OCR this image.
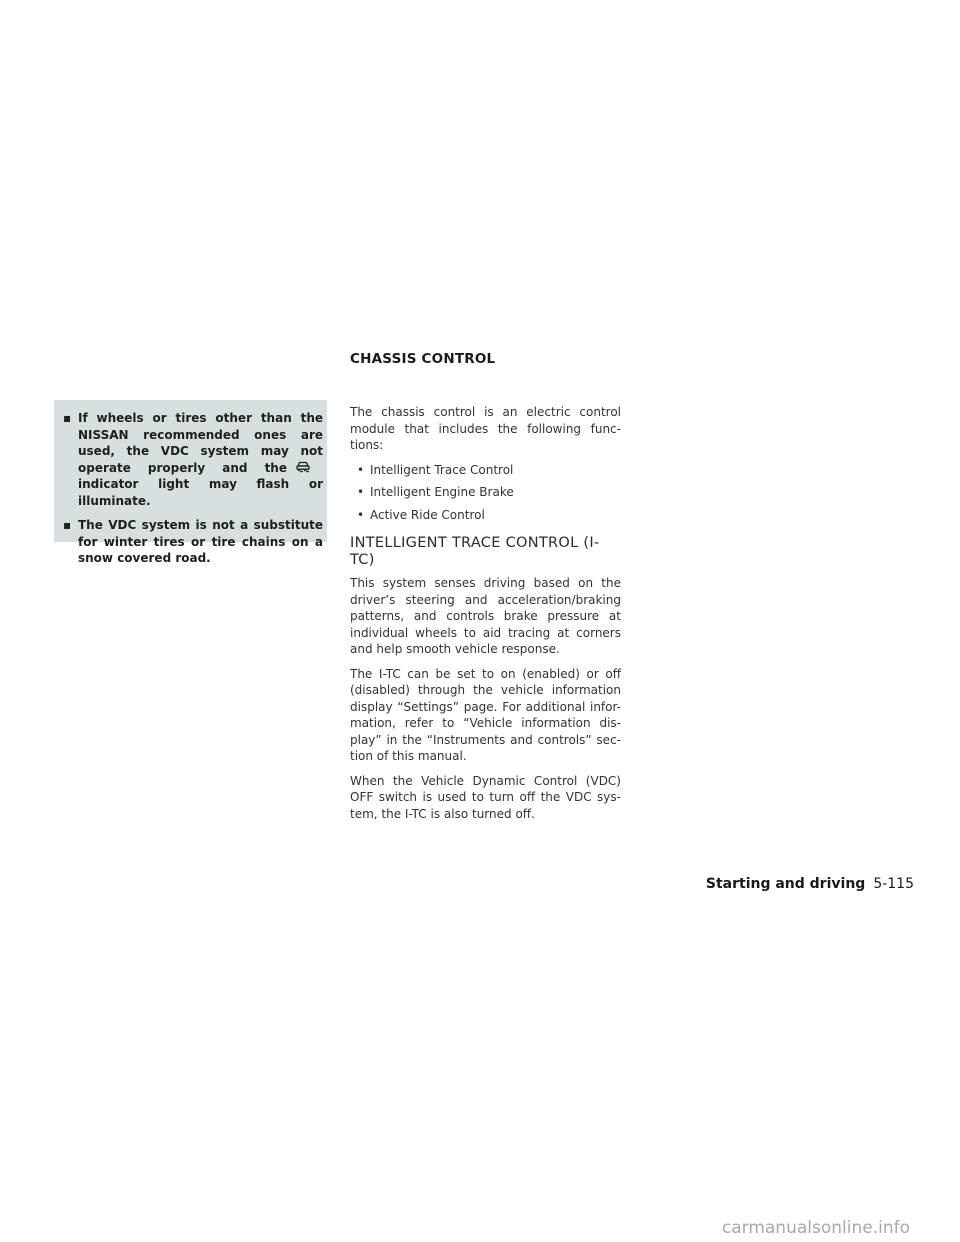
CHASSIS CONTROL
▪ If wheels or tires other than the NISSAN recommended ones are used, the VDC system may not operate properly and theindicator light may flash or illuminate.
▪ The VDC system is not a substitute for winter tires or tire chains on a snow covered road.

The chassis control is an electric control module that includes the following func-tions:

• Intelligent Trace Control
• Intelligent Engine Brake
• Active Ride Control
INTELLIGENT TRACE CONTROL (I-TC)

This system senses driving based on the driver’s steering and acceleration/braking patterns, and controls brake pressure at individual wheels to aid tracing at corners and help smooth vehicle response.

The I-TC can be set to on (enabled) or off (disabled) through the vehicle information display “Settings” page. For additional infor-mation, refer to “Vehicle information dis-play” in the “Instruments and controls” sec-tion of this manual.

When the Vehicle Dynamic Control (VDC) OFF switch is used to turn off the VDC sys-tem, the I-TC is also turned off.

Starting and driving 5-115
carmanualsonline.info
